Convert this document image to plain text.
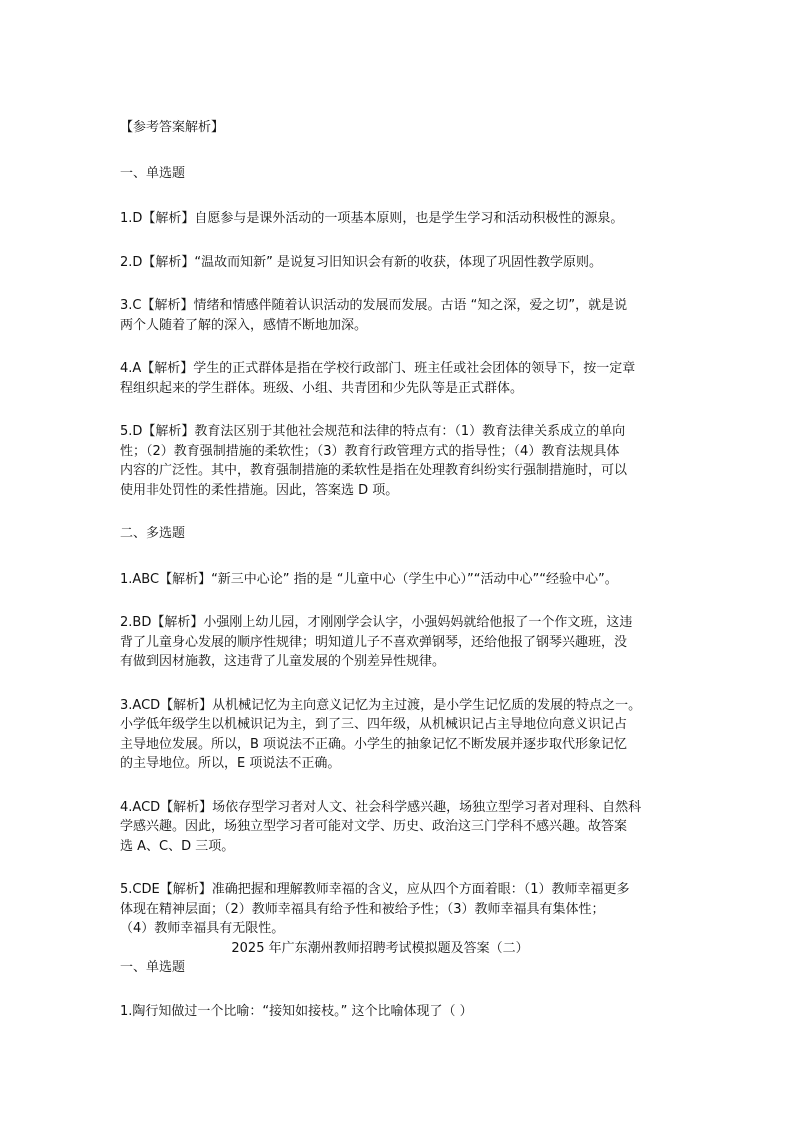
【参考答案解析】
一、单选题
1.D【解析】自愿参与是课外活动的一项基本原则，也是学生学习和活动积极性的源泉。
2.D【解析】“温故而知新” 是说复习旧知识会有新的收获，体现了巩固性教学原则。
3.C【解析】情绪和情感伴随着认识活动的发展而发展。古语 “知之深，爱之切”，就是说
两个人随着了解的深入，感情不断地加深。
4.A【解析】学生的正式群体是指在学校行政部门、班主任或社会团体的领导下，按一定章
程组织起来的学生群体。班级、小组、共青团和少先队等是正式群体。
5.D【解析】教育法区别于其他社会规范和法律的特点有：（1）教育法律关系成立的单向
性；（2）教育强制措施的柔软性；（3）教育行政管理方式的指导性；（4）教育法规具体
内容的广泛性。其中，教育强制措施的柔软性是指在处理教育纠纷实行强制措施时，可以
使用非处罚性的柔性措施。因此，答案选 D 项。
二、多选题
1.ABC【解析】“新三中心论” 指的是 “儿童中心（学生中心）”“活动中心”“经验中心”。
2.BD【解析】小强刚上幼儿园，才刚刚学会认字，小强妈妈就给他报了一个作文班，这违
背了儿童身心发展的顺序性规律；明知道儿子不喜欢弹钢琴，还给他报了钢琴兴趣班，没
有做到因材施教，这违背了儿童发展的个别差异性规律。
3.ACD【解析】从机械记忆为主向意义记忆为主过渡，是小学生记忆质的发展的特点之一。
小学低年级学生以机械识记为主，到了三、四年级，从机械识记占主导地位向意义识记占
主导地位发展。所以，B 项说法不正确。小学生的抽象记忆不断发展并逐步取代形象记忆
的主导地位。所以，E 项说法不正确。
4.ACD【解析】场依存型学习者对人文、社会科学感兴趣，场独立型学习者对理科、自然科
学感兴趣。因此，场独立型学习者可能对文学、历史、政治这三门学科不感兴趣。故答案
选 A、C、D 三项。
5.CDE【解析】准确把握和理解教师幸福的含义，应从四个方面着眼：（1）教师幸福更多
体现在精神层面；（2）教师幸福具有给予性和被给予性；（3）教师幸福具有集体性；
（4）教师幸福具有无限性。
2025 年广东潮州教师招聘考试模拟题及答案（二）
一、单选题
1.陶行知做过一个比喻：“接知如接枝。” 这个比喻体现了（ ）
